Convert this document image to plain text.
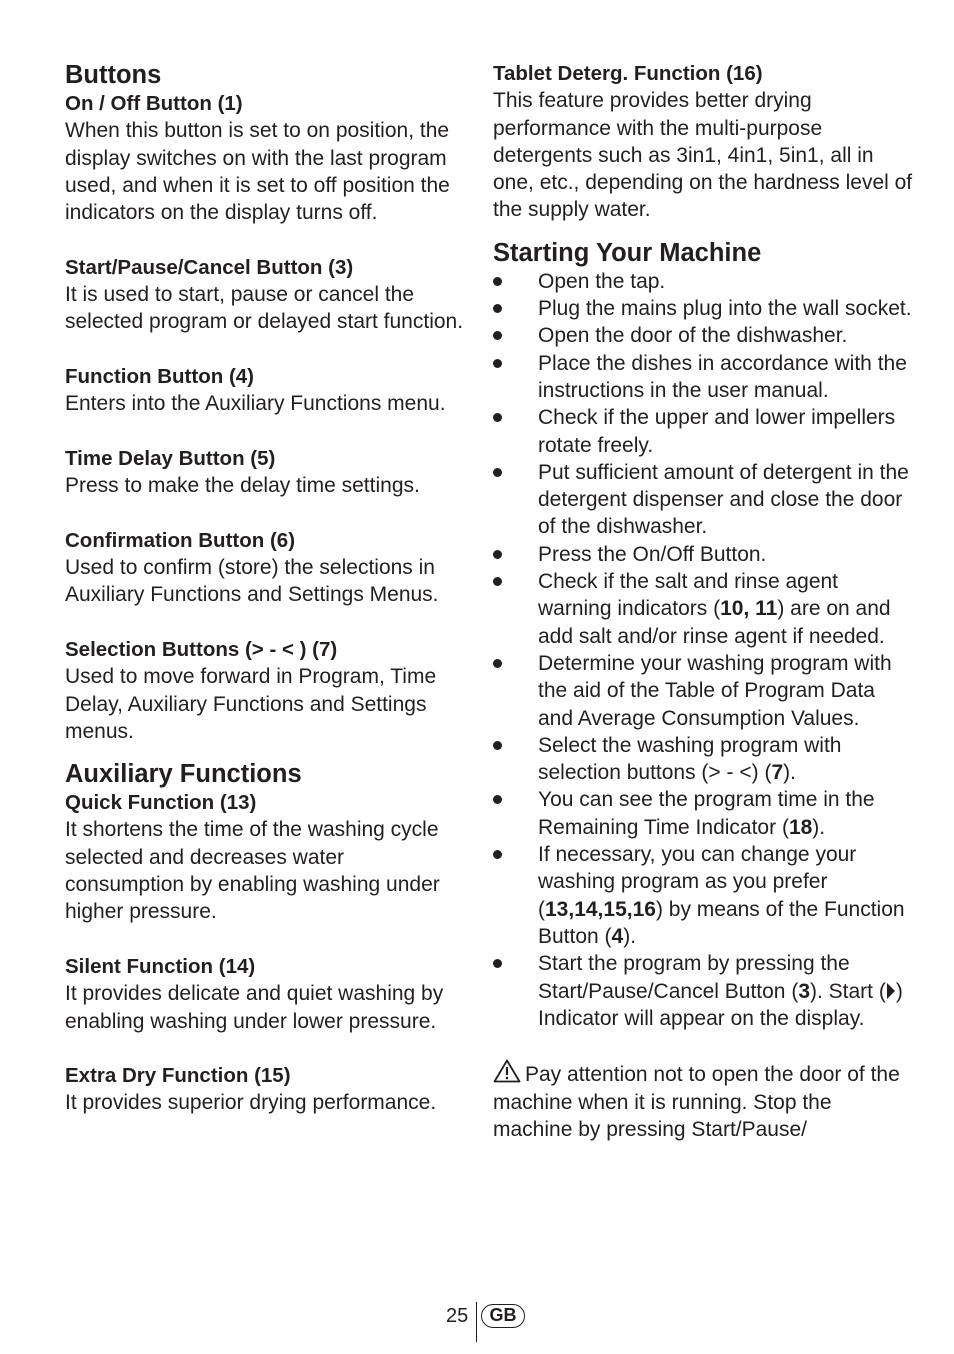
Buttons
On / Off Button (1)

When this button is set to on position, the display switches on with the last program used, and when it is set to off position the indicators on the display turns off.

Start/Pause/Cancel Button (3)

It is used to start, pause or cancel the selected program or delayed start function.

Function Button (4)

Enters into the Auxiliary Functions menu.

Time Delay Button (5)

Press to make the delay time settings.

Confirmation Button (6)

Used to confirm (store) the selections in Auxiliary Functions and Settings Menus.

Selection Buttons (> - < ) (7)

Used to move forward in Program, Time Delay, Auxiliary Functions and Settings menus.

Auxiliary Functions
Quick Function (13)

It shortens the time of the washing cycle selected and decreases water consumption by enabling washing under higher pressure.

Silent Function (14)

It provides delicate and quiet washing by enabling washing under lower pressure.

Extra Dry Function (15)

It provides superior drying performance.

Tablet Deterg. Function (16)

This feature provides better drying performance with the multi-purpose detergents such as 3in1, 4in1, 5in1, all in one, etc., depending on the hardness level of the supply water.

Starting Your Machine
Open the tap.
Plug the mains plug into the wall socket.
Open the door of the dishwasher.
Place the dishes in accordance with the instructions in the user manual.
Check if the upper and lower impellers rotate freely.
Put sufficient amount of detergent in the detergent dispenser and close the door of the dishwasher.
Press the On/Off Button.
Check if the salt and rinse agent warning indicators (10, 11) are on and add salt and/or rinse agent if needed.
Determine your washing program with the aid of the Table of Program Data and Average Consumption Values.
Select the washing program with selection buttons (> - <) (7).
You can see the program time in the Remaining Time Indicator (18).
If necessary, you can change your washing program as you prefer (13,14,15,16) by means of the Function Button (4).
Start the program by pressing the Start/Pause/Cancel Button (3). Start ( ) Indicator will appear on the display.

Pay attention not to open the door of the machine when it is running. Stop the machine by pressing Start/Pause/

25	GB
